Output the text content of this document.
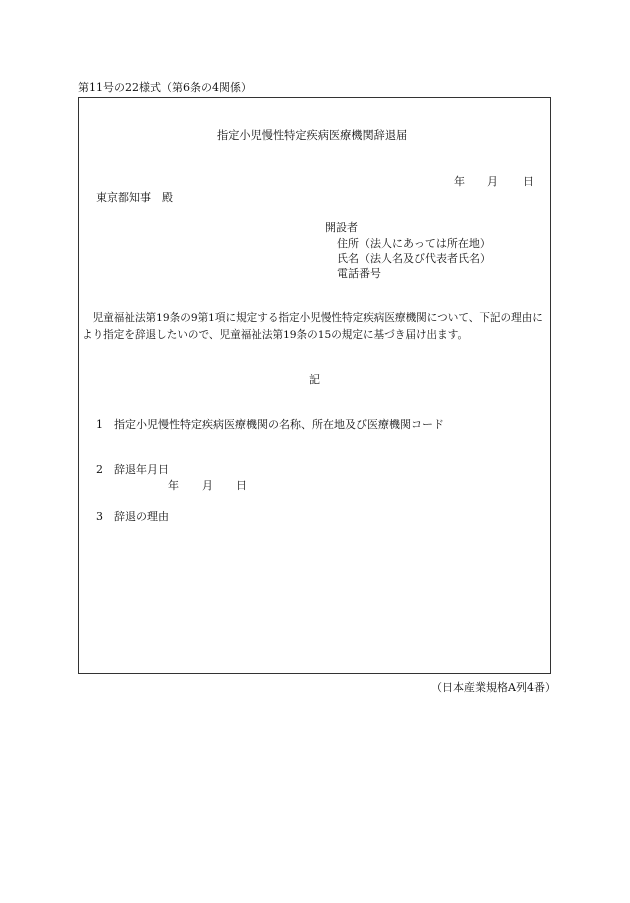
第11号の22様式（第6条の4関係）
指定小児慢性特定疾病医療機関辞退届
年 月 日
東京都知事　殿
開設者
住所（法人にあっては所在地）
氏名（法人名及び代表者氏名）
電話番号
　児童福祉法第19条の9第1項に規定する指定小児慢性特定疾病医療機関について、下記の理由により指定を辞退したいので、児童福祉法第19条の15の規定に基づき届け出ます。
記
1 指定小児慢性特定疾病医療機関の名称、所在地及び医療機関コード
2 辞退年月日
年 月 日
3 辞退の理由
（日本産業規格A列4番）
